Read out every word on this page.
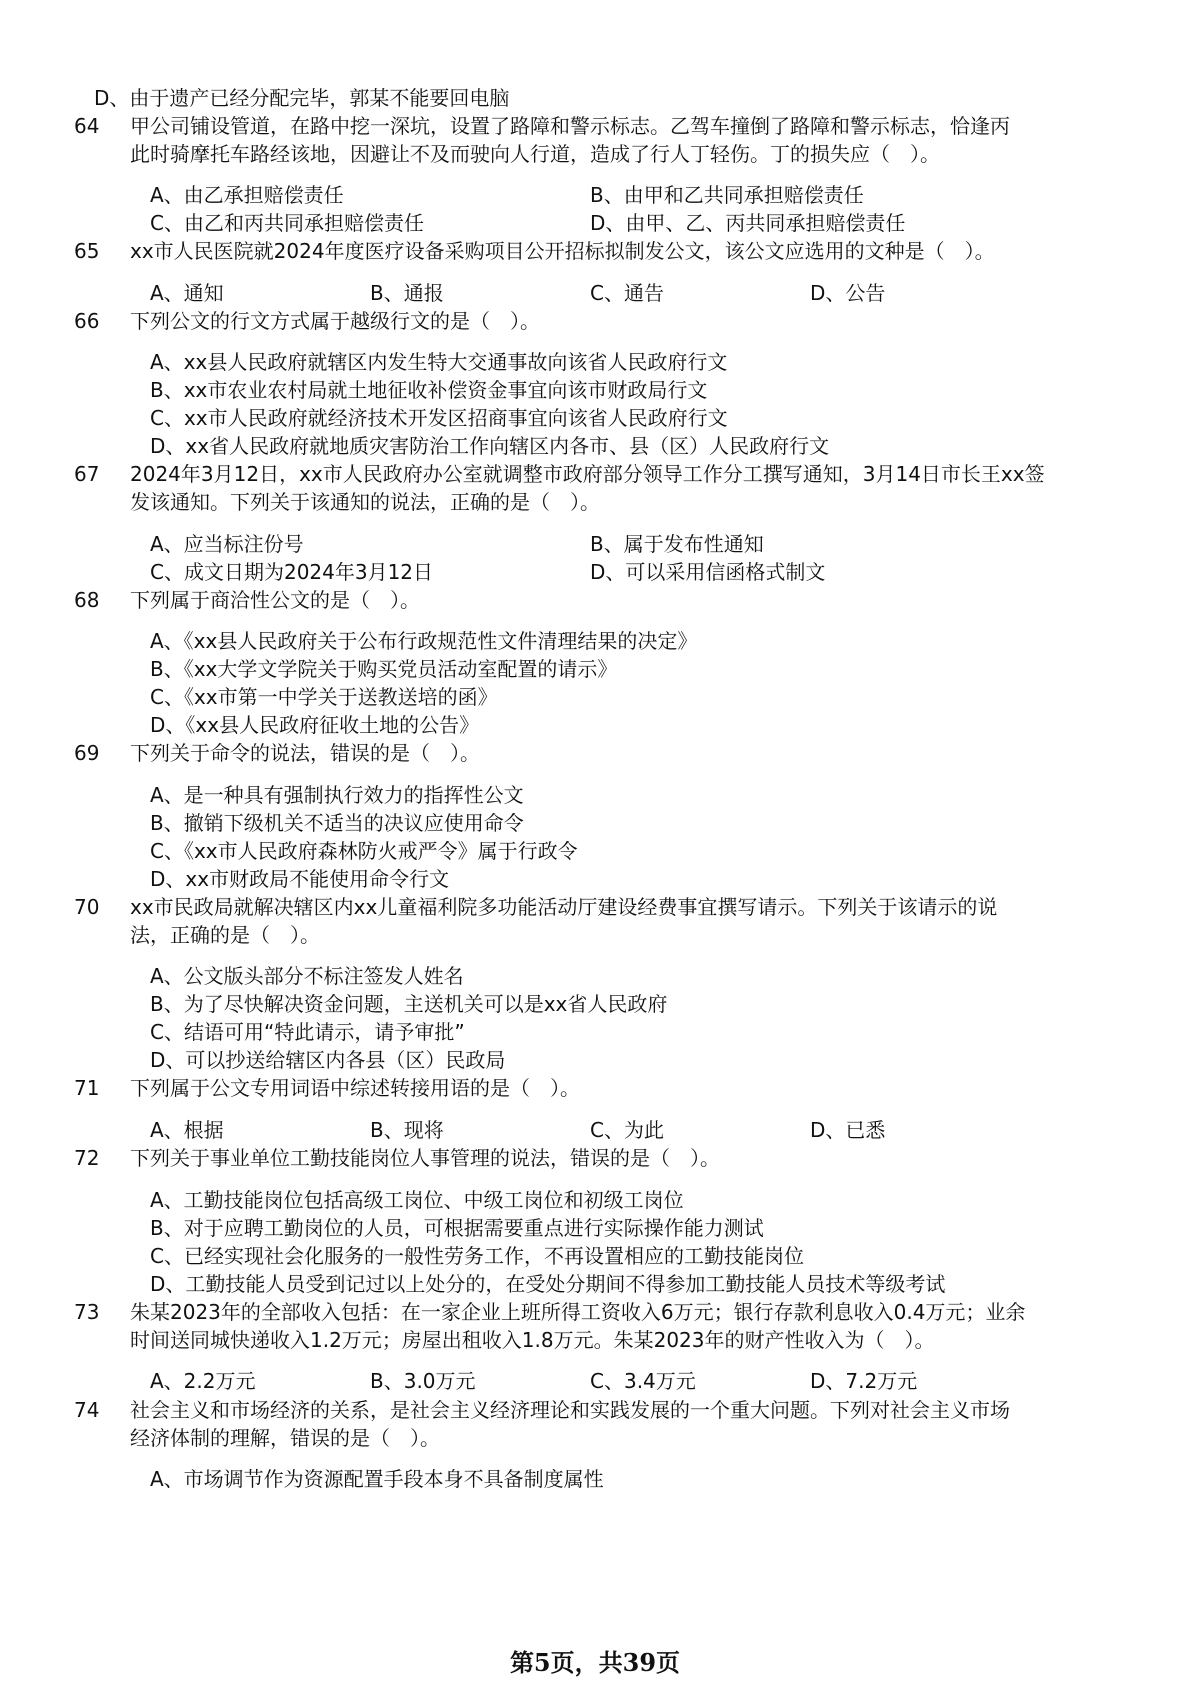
D、由于遗产已经分配完毕，郭某不能要回电脑
64 甲公司铺设管道，在路中挖一深坑，设置了路障和警示标志。乙驾车撞倒了路障和警示标志，恰逢丙
此时骑摩托车路经该地，因避让不及而驶向人行道，造成了行人丁轻伤。丁的损失应（　）。
A、由乙承担赔偿责任	B、由甲和乙共同承担赔偿责任
C、由乙和丙共同承担赔偿责任	D、由甲、乙、丙共同承担赔偿责任
65 xx市人民医院就2024年度医疗设备采购项目公开招标拟制发公文，该公文应选用的文种是（　）。
A、通知	B、通报	C、通告	D、公告
66 下列公文的行文方式属于越级行文的是（　）。
A、xx县人民政府就辖区内发生特大交通事故向该省人民政府行文
B、xx市农业农村局就土地征收补偿资金事宜向该市财政局行文
C、xx市人民政府就经济技术开发区招商事宜向该省人民政府行文
D、xx省人民政府就地质灾害防治工作向辖区内各市、县（区）人民政府行文
67 2024年3月12日，xx市人民政府办公室就调整市政府部分领导工作分工撰写通知，3月14日市长王xx签
发该通知。下列关于该通知的说法，正确的是（　）。
A、应当标注份号	B、属于发布性通知
C、成文日期为2024年3月12日	D、可以采用信函格式制文
68 下列属于商洽性公文的是（　）。
A、《xx县人民政府关于公布行政规范性文件清理结果的决定》
B、《xx大学文学院关于购买党员活动室配置的请示》
C、《xx市第一中学关于送教送培的函》
D、《xx县人民政府征收土地的公告》
69 下列关于命令的说法，错误的是（　）。
A、是一种具有强制执行效力的指挥性公文
B、撤销下级机关不适当的决议应使用命令
C、《xx市人民政府森林防火戒严令》属于行政令
D、xx市财政局不能使用命令行文
70 xx市民政局就解决辖区内xx儿童福利院多功能活动厅建设经费事宜撰写请示。下列关于该请示的说
法，正确的是（　）。
A、公文版头部分不标注签发人姓名
B、为了尽快解决资金问题，主送机关可以是xx省人民政府
C、结语可用“特此请示，请予审批”
D、可以抄送给辖区内各县（区）民政局
71 下列属于公文专用词语中综述转接用语的是（　）。
A、根据	B、现将	C、为此	D、已悉
72 下列关于事业单位工勤技能岗位人事管理的说法，错误的是（　）。
A、工勤技能岗位包括高级工岗位、中级工岗位和初级工岗位
B、对于应聘工勤岗位的人员，可根据需要重点进行实际操作能力测试
C、已经实现社会化服务的一般性劳务工作，不再设置相应的工勤技能岗位
D、工勤技能人员受到记过以上处分的，在受处分期间不得参加工勤技能人员技术等级考试
73 朱某2023年的全部收入包括：在一家企业上班所得工资收入6万元；银行存款利息收入0.4万元；业余
时间送同城快递收入1.2万元；房屋出租收入1.8万元。朱某2023年的财产性收入为（　）。
A、2.2万元	B、3.0万元	C、3.4万元	D、7.2万元
74 社会主义和市场经济的关系，是社会主义经济理论和实践发展的一个重大问题。下列对社会主义市场
经济体制的理解，错误的是（　）。
A、市场调节作为资源配置手段本身不具备制度属性
第5页，共39页
